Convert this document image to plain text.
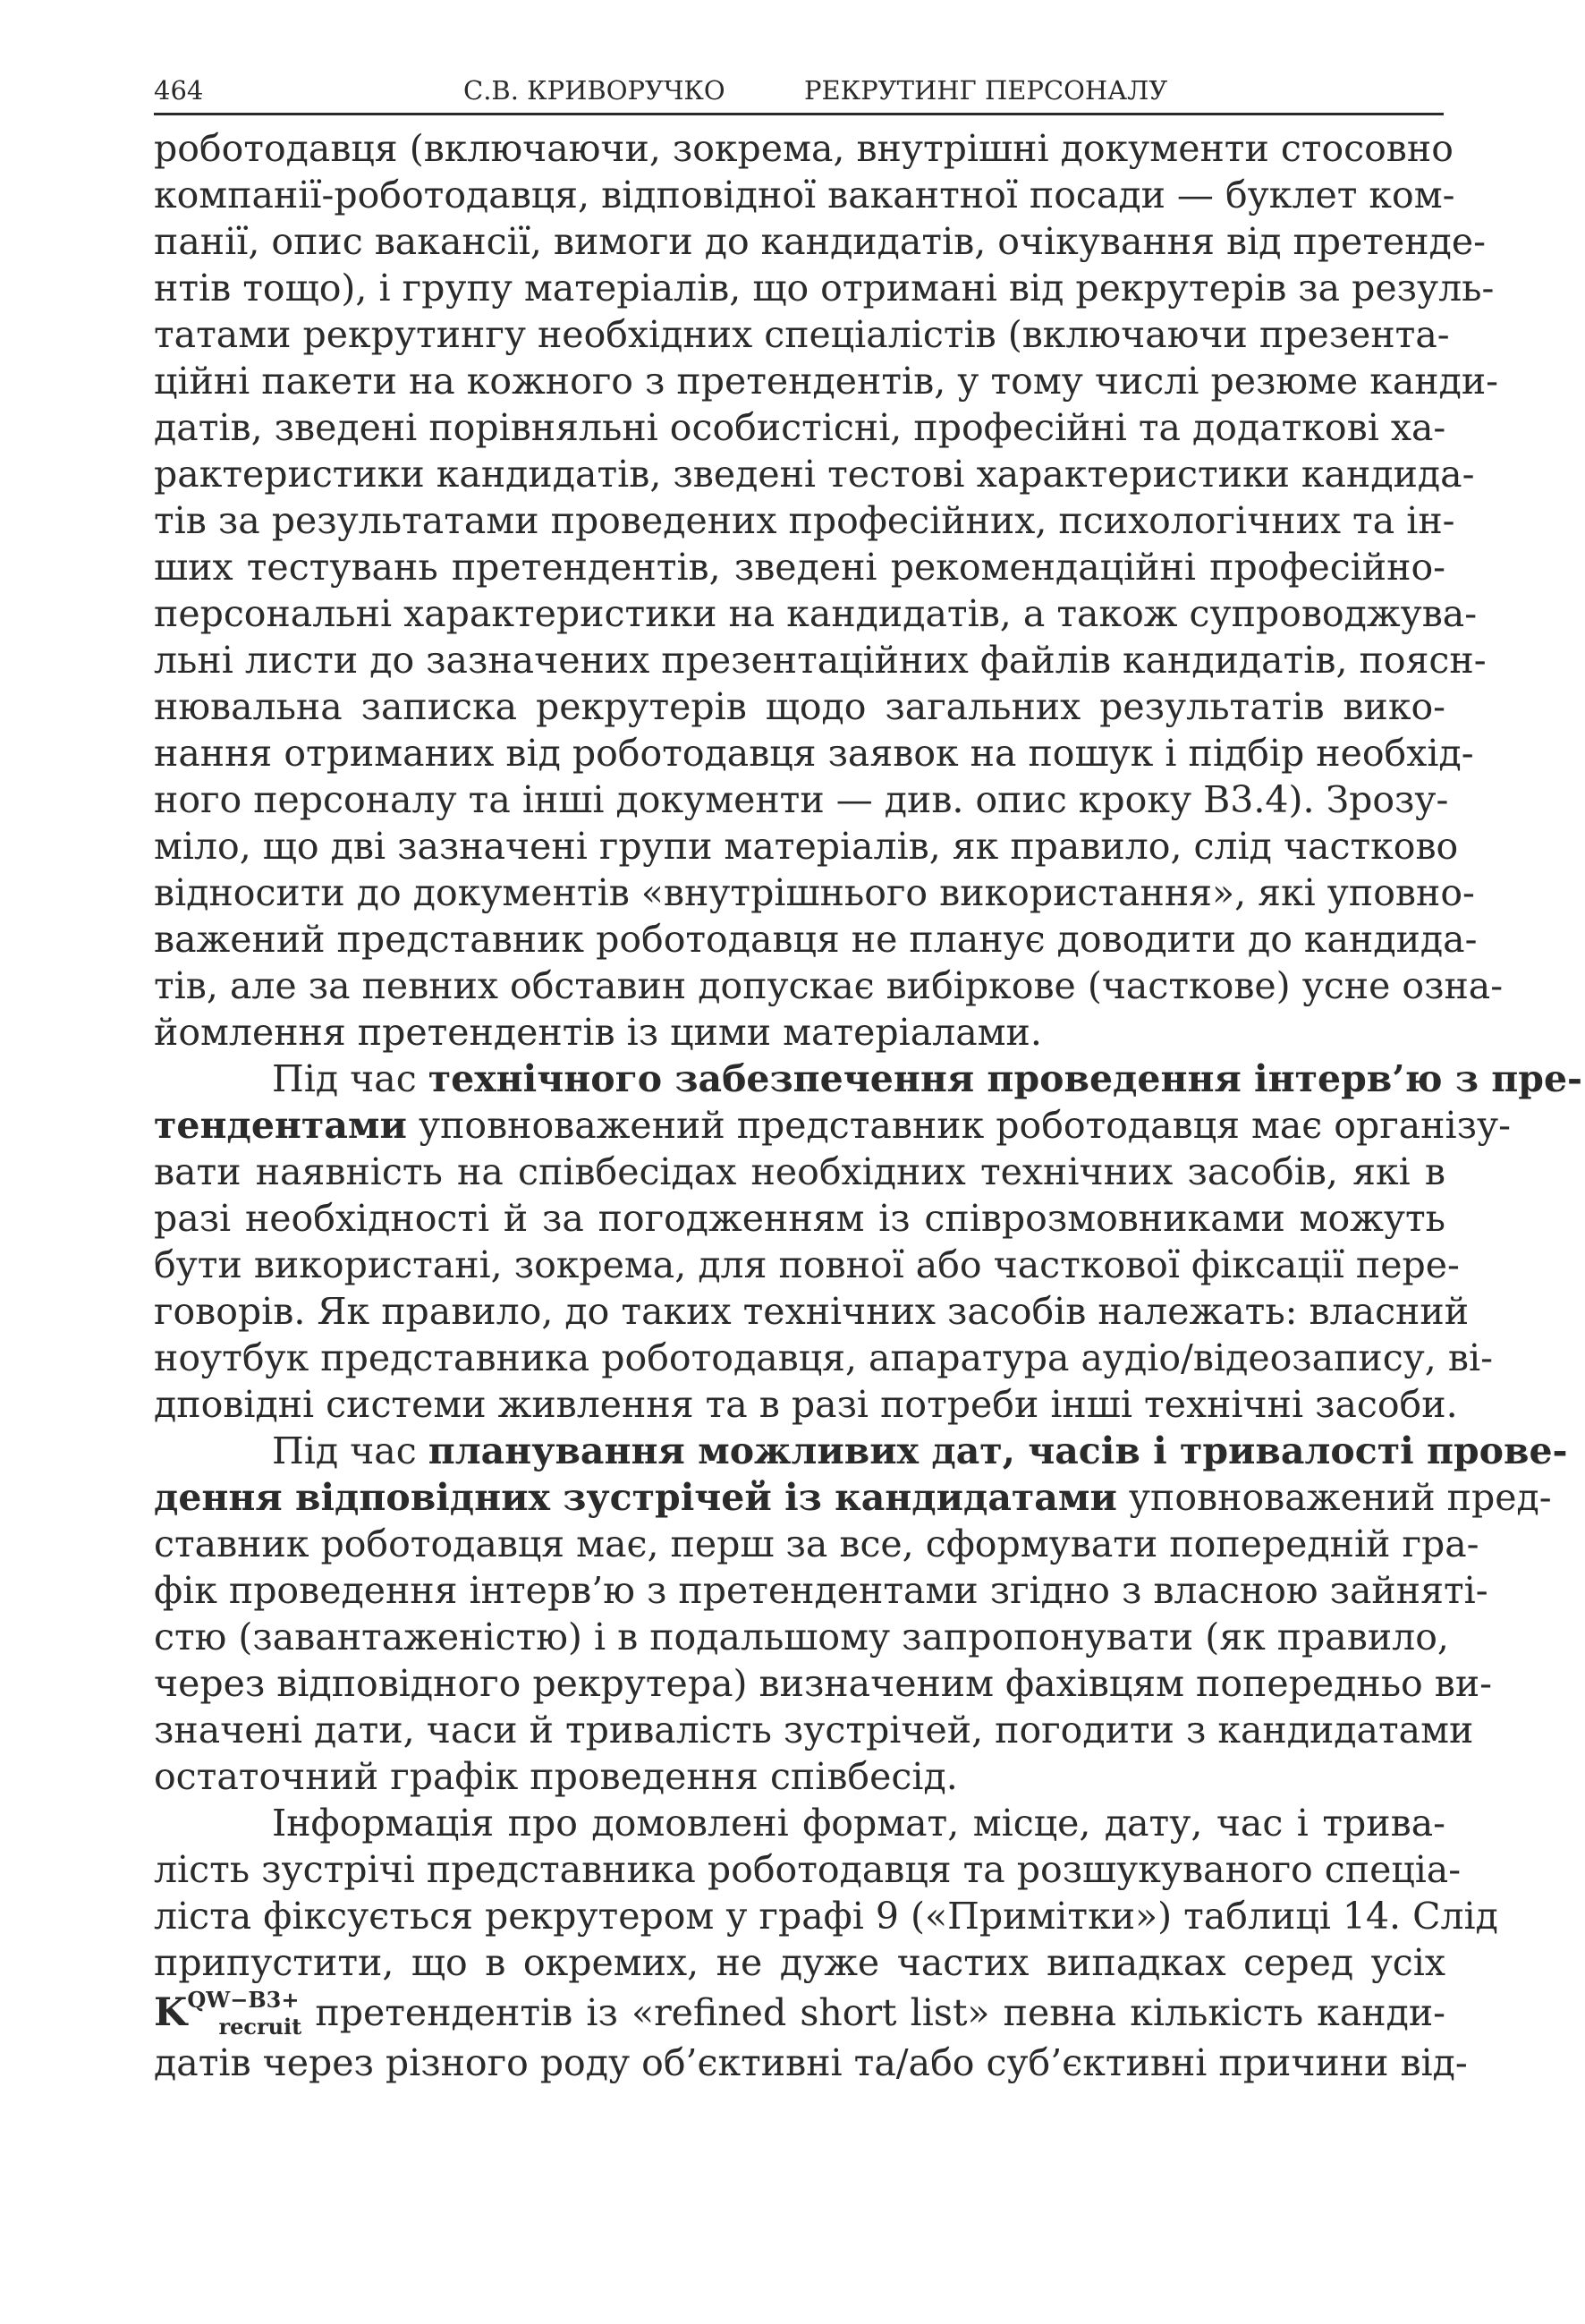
464	С.В. КРИВОРУЧКО	РЕКРУТИНГ ПЕРСОНАЛУ
роботодавця (включаючи, зокрема, внутрішні документи стосовно
компанії-роботодавця, відповідної вакантної посади — буклет ком-
панії, опис вакансії, вимоги до кандидатів, очікування від претенде-
нтів тощо), і групу матеріалів, що отримані від рекрутерів за резуль-
татами рекрутингу необхідних спеціалістів (включаючи презента-
ційні пакети на кожного з претендентів, у тому числі резюме канди-
датів, зведені порівняльні особистісні, професійні та додаткові ха-
рактеристики кандидатів, зведені тестові характеристики кандида-
тів за результатами проведених професійних, психологічних та ін-
ших тестувань претендентів, зведені рекомендаційні професійно-
персональні характеристики на кандидатів, а також супроводжува-
льні листи до зазначених презентаційних файлів кандидатів, поясн-
нювальна записка рекрутерів щодо загальних результатів вико-
нання отриманих від роботодавця заявок на пошук і підбір необхід-
ного персоналу та інші документи — див. опис кроку В3.4). Зрозу-
міло, що дві зазначені групи матеріалів, як правило, слід частково
відносити до документів «внутрішнього використання», які уповно-
важений представник роботодавця не планує доводити до кандида-
тів, але за певних обставин допускає вибіркове (часткове) усне озна-
йомлення претендентів із цими матеріалами.
Під час технічного забезпечення проведення інтерв’ю з пре-
тендентами уповноважений представник роботодавця має організу-
вати наявність на співбесідах необхідних технічних засобів, які в
разі необхідності й за погодженням із співрозмовниками можуть
бути використані, зокрема, для повної або часткової фіксації пере-
говорів. Як правило, до таких технічних засобів належать: власний
ноутбук представника роботодавця, апаратура аудіо/відеозапису, ві-
дповідні системи живлення та в разі потреби інші технічні засоби.
Під час планування можливих дат, часів і тривалості прове-
дення відповідних зустрічей із кандидатами уповноважений пред-
ставник роботодавця має, перш за все, сформувати попередній гра-
фік проведення інтерв’ю з претендентами згідно з власною зайняті-
стю (завантаженістю) і в подальшому запропонувати (як правило,
через відповідного рекрутера) визначеним фахівцям попередньо ви-
значені дати, часи й тривалість зустрічей, погодити з кандидатами
остаточний графік проведення співбесід.
Інформація про домовлені формат, місце, дату, час і трива-
лість зустрічі представника роботодавця та розшукуваного спеціа-
ліста фіксується рекрутером у графі 9 («Примітки») таблиці 14. Слід
припустити, що в окремих, не дуже частих випадках серед усіх
KQW−B3+recruit претендентів із «refined short list» певна кількість канди-
датів через різного роду об’єктивні та/або суб’єктивні причини від-
